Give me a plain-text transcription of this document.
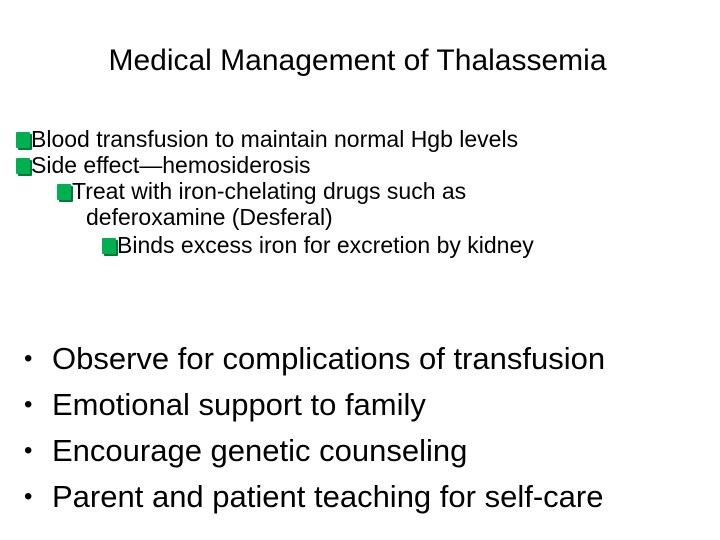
Medical Management of Thalassemia
Blood transfusion to maintain normal Hgb levels
Side effect—hemosiderosis
Treat with iron-chelating drugs such as
deferoxamine (Desferal)
Binds excess iron for excretion by kidney
• Observe for complications of transfusion
• Emotional support to family
• Encourage genetic counseling
• Parent and patient teaching for self-care
